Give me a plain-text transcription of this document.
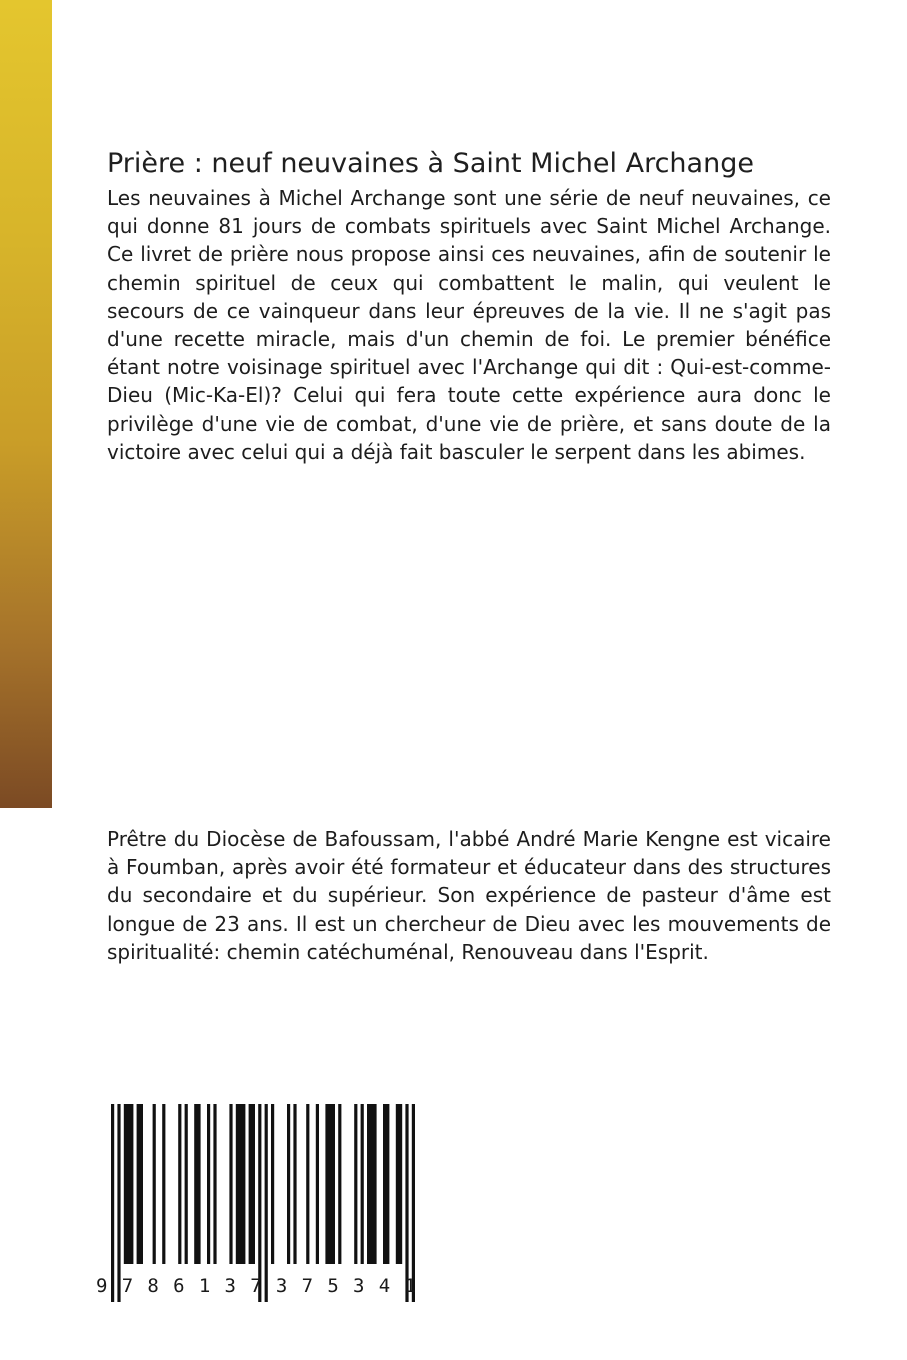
Prière : neuf neuvaines à Saint Michel Archange

Les neuvaines à Michel Archange sont une série de neuf neuvaines, ce qui donne 81 jours de combats spirituels avec Saint Michel Archange. Ce livret de prière nous propose ainsi ces neuvaines, afin de soutenir le chemin spirituel de ceux qui combattent le malin, qui veulent le secours de ce vainqueur dans leur épreuves de la vie. Il ne s'agit pas d'une recette miracle, mais d'un chemin de foi. Le premier bénéfice étant notre voisinage spirituel avec l'Archange qui dit : Qui-est-comme-Dieu (Mic-Ka-El)? Celui qui fera toute cette expérience aura donc le privilège d'une vie de combat, d'une vie de prière, et sans doute de la victoire avec celui qui a déjà fait basculer le serpent dans les abimes.

Prêtre du Diocèse de Bafoussam, l'abbé André Marie Kengne est vicaire à Foumban, après avoir été formateur et éducateur dans des structures du secondaire et du supérieur. Son expérience de pasteur d'âme est longue de 23 ans. Il est un chercheur de Dieu avec les mouvements de spiritualité: chemin catéchuménal, Renouveau dans l'Esprit.

9 7 8 6 1 3 7 3 7 5 3 4 1
